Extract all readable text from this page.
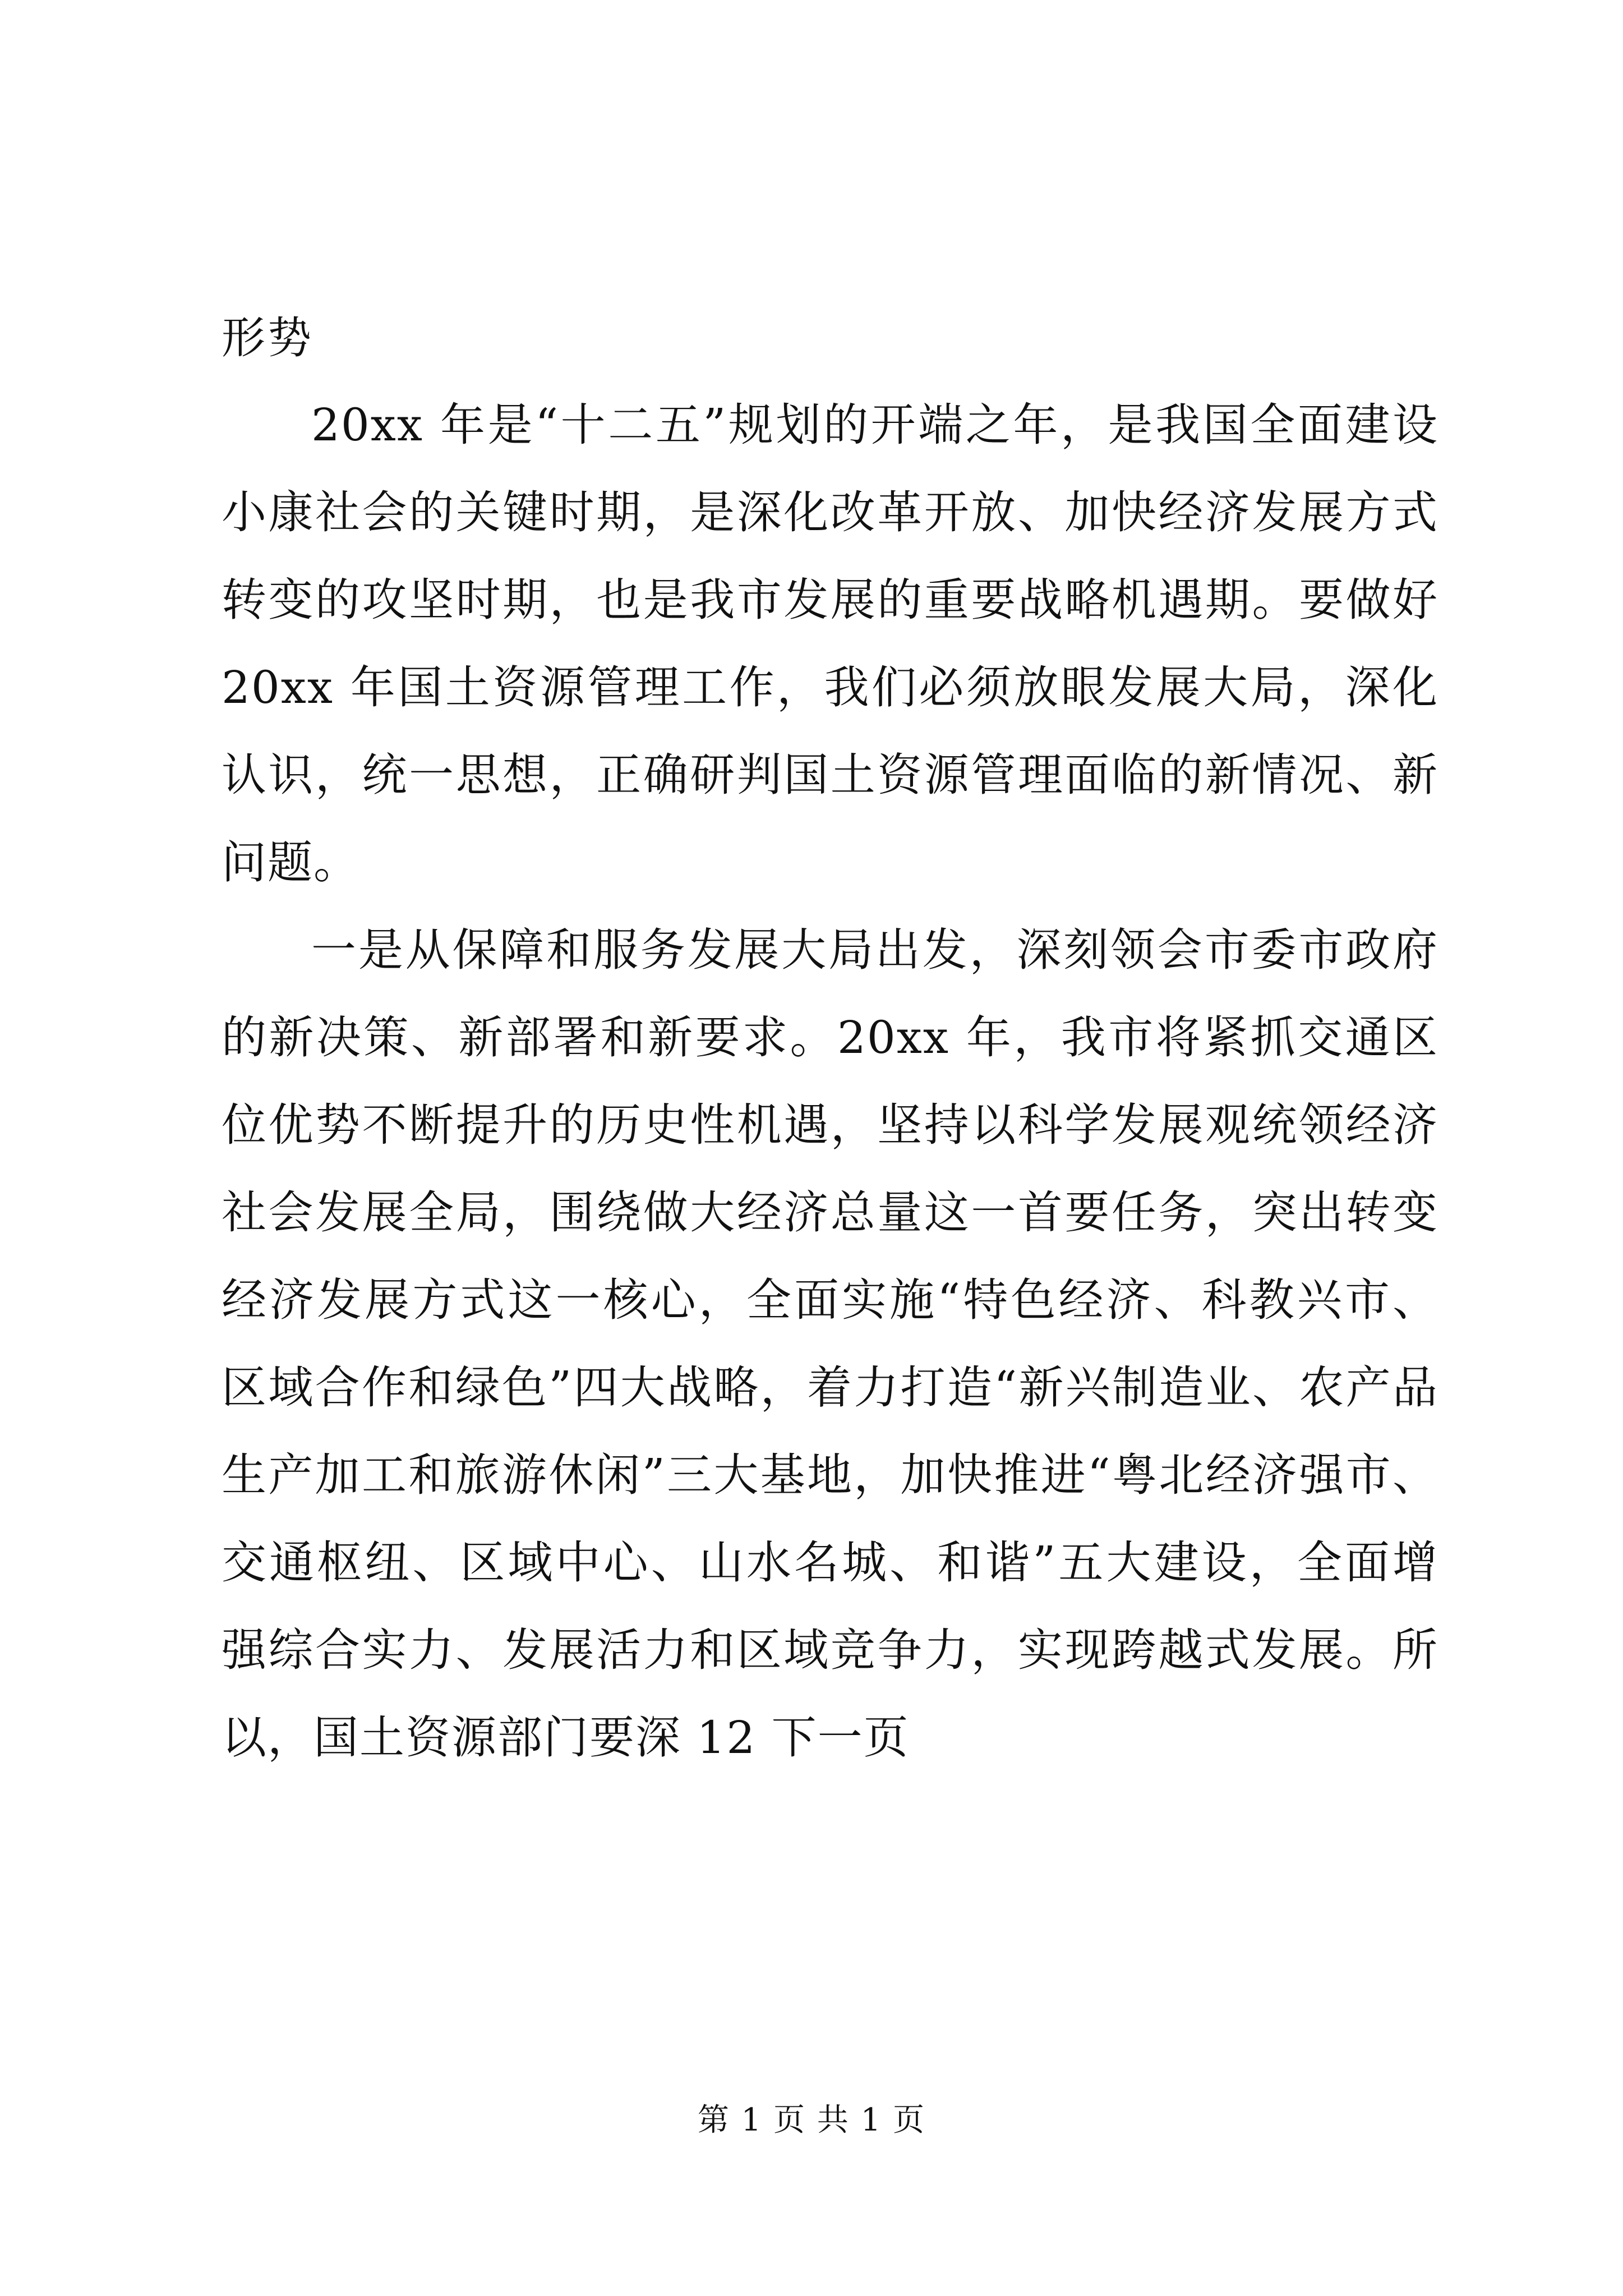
形势

20xx 年是“十二五”规划的开端之年，是我国全面建设小康社会的关键时期，是深化改革开放、加快经济发展方式转变的攻坚时期，也是我市发展的重要战略机遇期。要做好 20xx 年国土资源管理工作，我们必须放眼发展大局，深化认识，统一思想，正确研判国土资源管理面临的新情况、新问题。

一是从保障和服务发展大局出发，深刻领会市委市政府的新决策、新部署和新要求。20xx 年，我市将紧抓交通区位优势不断提升的历史性机遇，坚持以科学发展观统领经济社会发展全局，围绕做大经济总量这一首要任务，突出转变经济发展方式这一核心，全面实施“特色经济、科教兴市、区域合作和绿色”四大战略，着力打造“新兴制造业、农产品生产加工和旅游休闲”三大基地，加快推进“粤北经济强市、交通枢纽、区域中心、山水名城、和谐”五大建设，全面增强综合实力、发展活力和区域竞争力，实现跨越式发展。所以，国土资源部门要深 12 下一页

第 1 页 共 1 页
